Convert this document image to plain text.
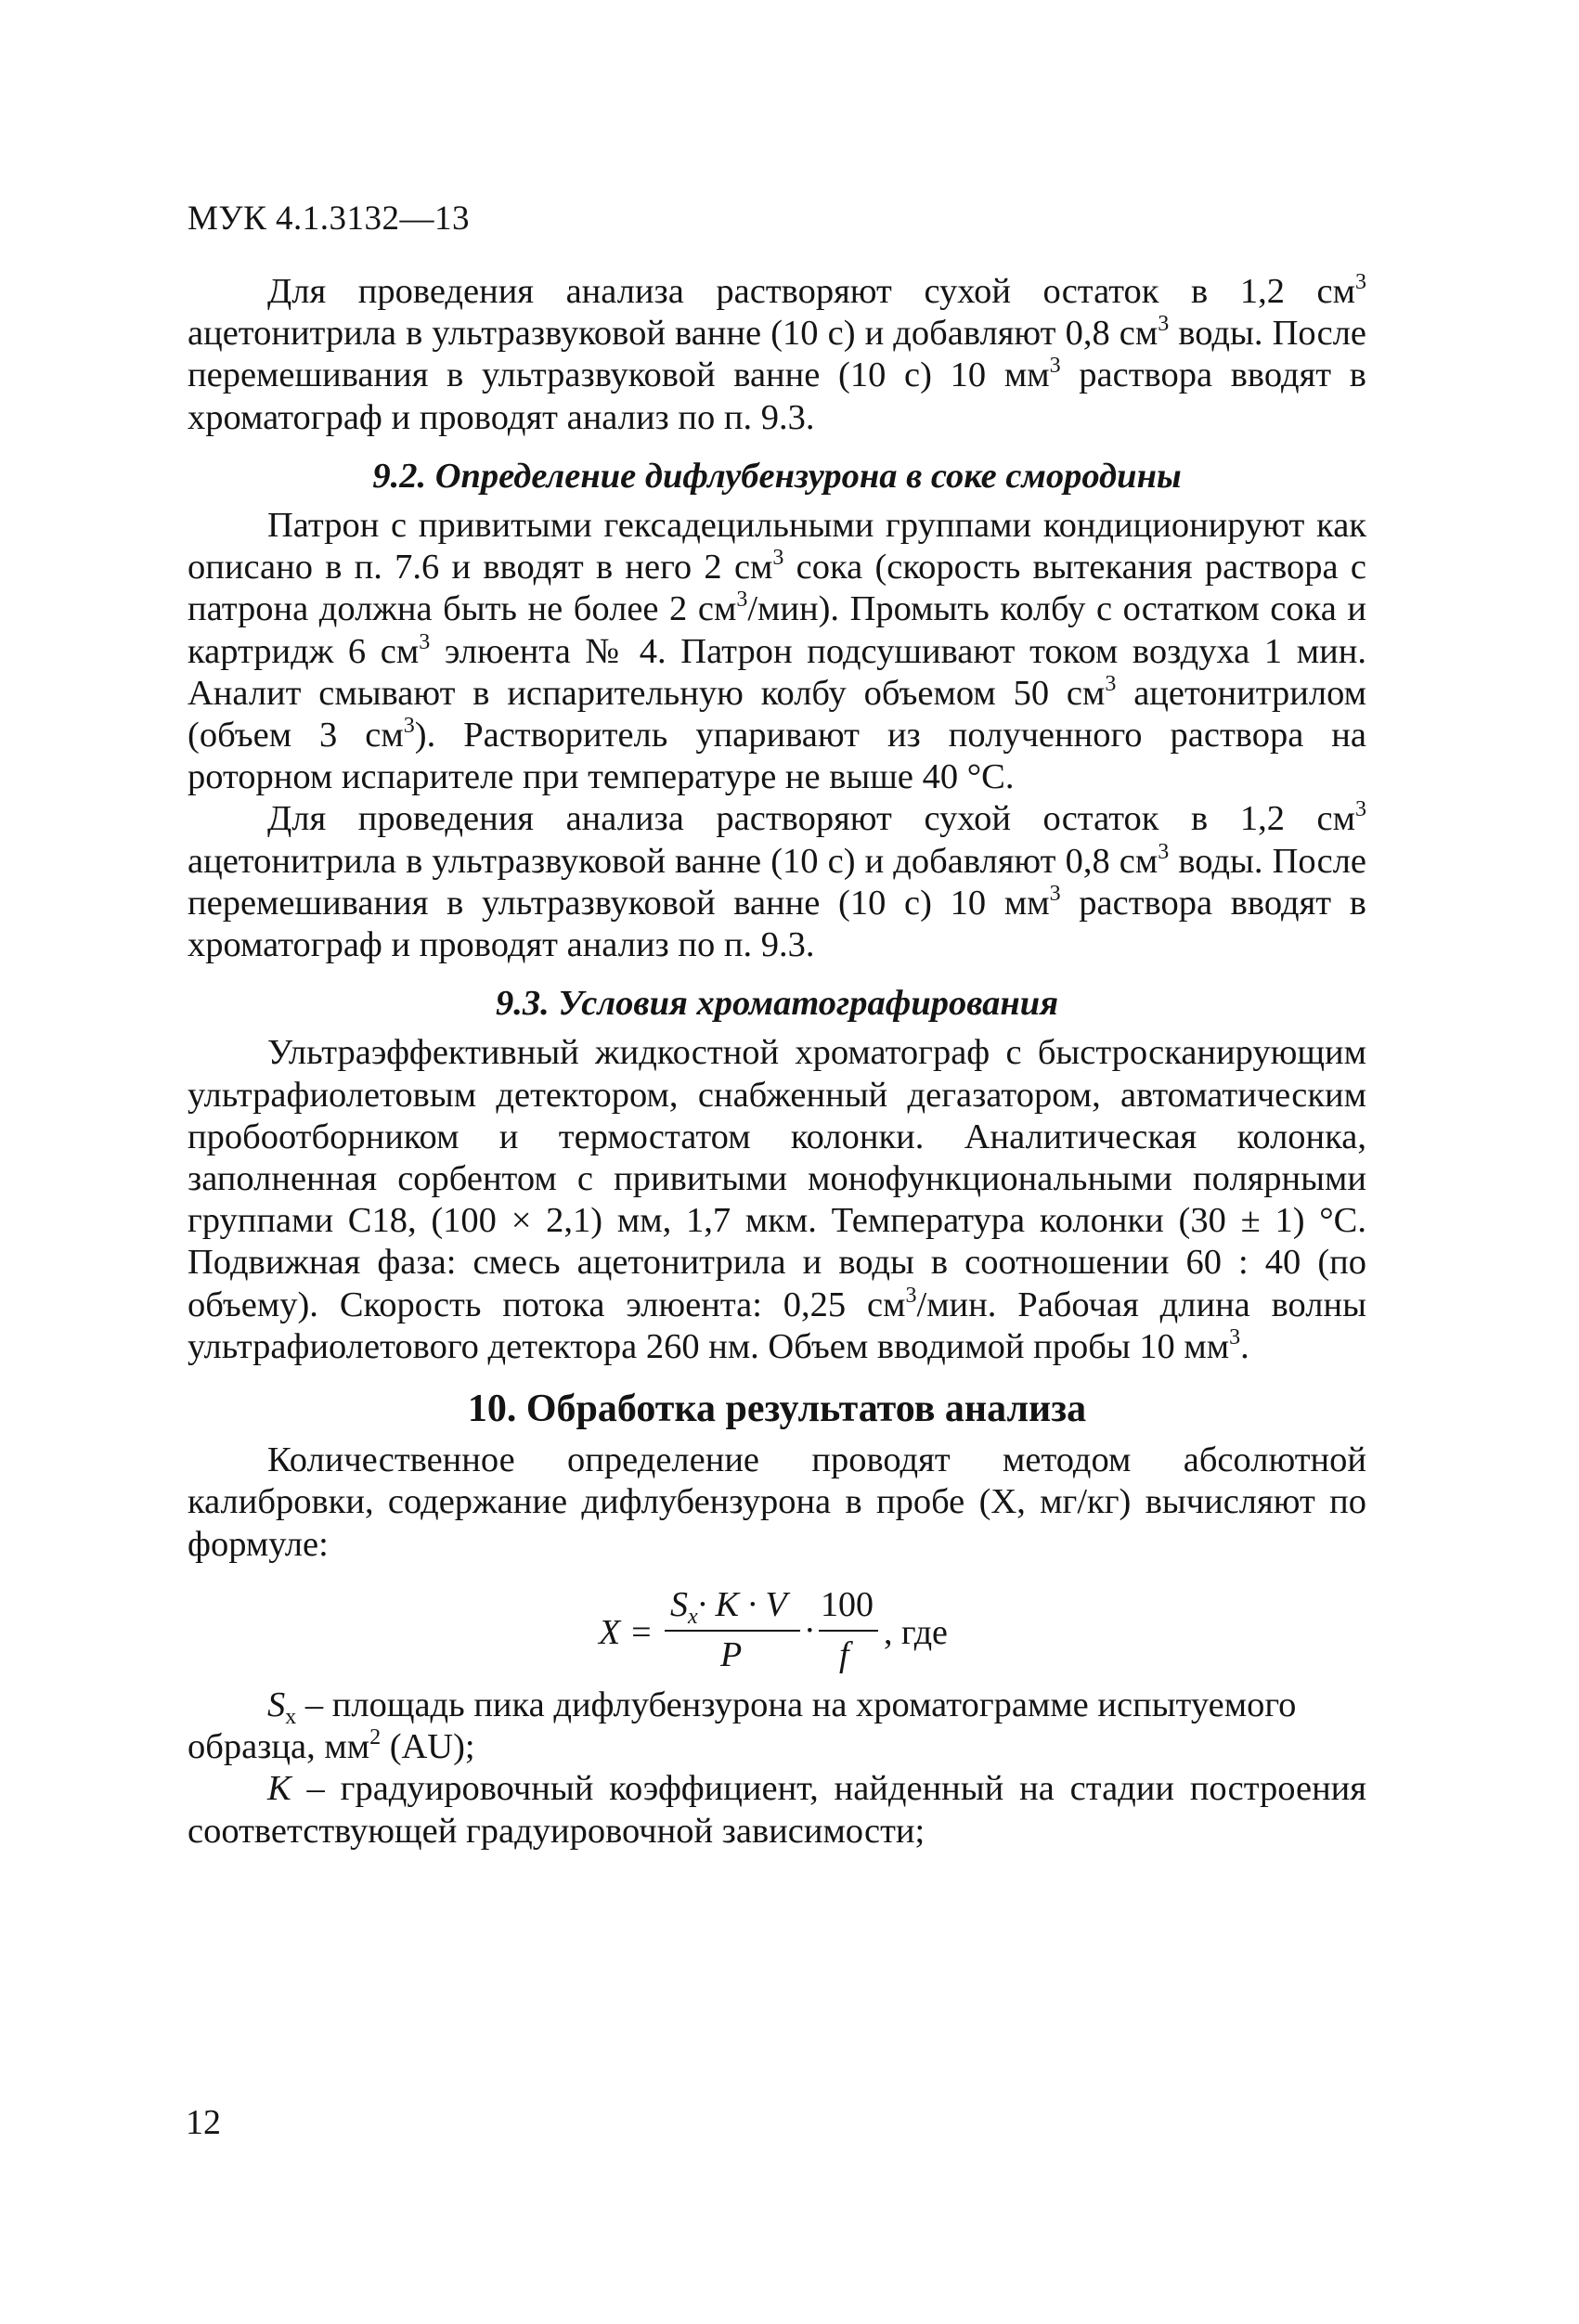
МУК 4.1.3132—13

Для проведения анализа растворяют сухой остаток в 1,2 $см^3$ ацетонитрила в ультразвуковой ванне (10 с) и добавляют 0,8 $см^3$ воды. После перемешивания в ультразвуковой ванне (10 с) 10 $мм^3$ раствора вводят в хроматограф и проводят анализ по п. 9.3.

9.2. Определение дифлубензурона в соке смородины

Патрон с привитыми гексадецильными группами кондиционируют как описано в п. 7.6 и вводят в него 2 $см^3$ сока (скорость вытекания раствора с патрона должна быть не более 2 $см^3/мин$). Промыть колбу с остатком сока и картридж 6 $см^3$ элюента № 4. Патрон подсушивают током воздуха 1 мин. Аналит смывают в испарительную колбу объемом 50 $см^3$ ацетонитрилом (объем 3 $см^3$). Растворитель упаривают из полученного раствора на роторном испарителе при температуре не выше 40 °С.

Для проведения анализа растворяют сухой остаток в 1,2 $см^3$ ацетонитрила в ультразвуковой ванне (10 с) и добавляют 0,8 $см^3$ воды. После перемешивания в ультразвуковой ванне (10 с) 10 $мм^3$ раствора вводят в хроматограф и проводят анализ по п. 9.3.

9.3. Условия хроматографирования

Ультраэффективный жидкостной хроматограф с быстросканирующим ультрафиолетовым детектором, снабженный дегазатором, автоматическим пробоотборником и термостатом колонки. Аналитическая колонка, заполненная сорбентом с привитыми монофункциональными полярными группами С18, (100 × 2,1) мм, 1,7 мкм. Температура колонки (30 ± 1) °С. Подвижная фаза: смесь ацетонитрила и воды в соотношении 60 : 40 (по объему). Скорость потока элюента: 0,25 $см^3$/мин. Рабочая длина волны ультрафиолетового детектора 260 нм. Объем вводимой пробы 10 $мм^3$.

10. Обработка результатов анализа

Количественное определение проводят методом абсолютной калибровки, содержание дифлубензурона в пробе (X, мг/кг) вычисляют по формуле:

X =
$S_x\cdot K \cdot V$
P
·
100
f
, где
$S_x$ – площадь пика дифлубензурона на хроматограмме испытуемого образца, $мм^2$ (AU);
K – градуировочный коэффициент, найденный на стадии построения соответствующей градуировочной зависимости;
12
